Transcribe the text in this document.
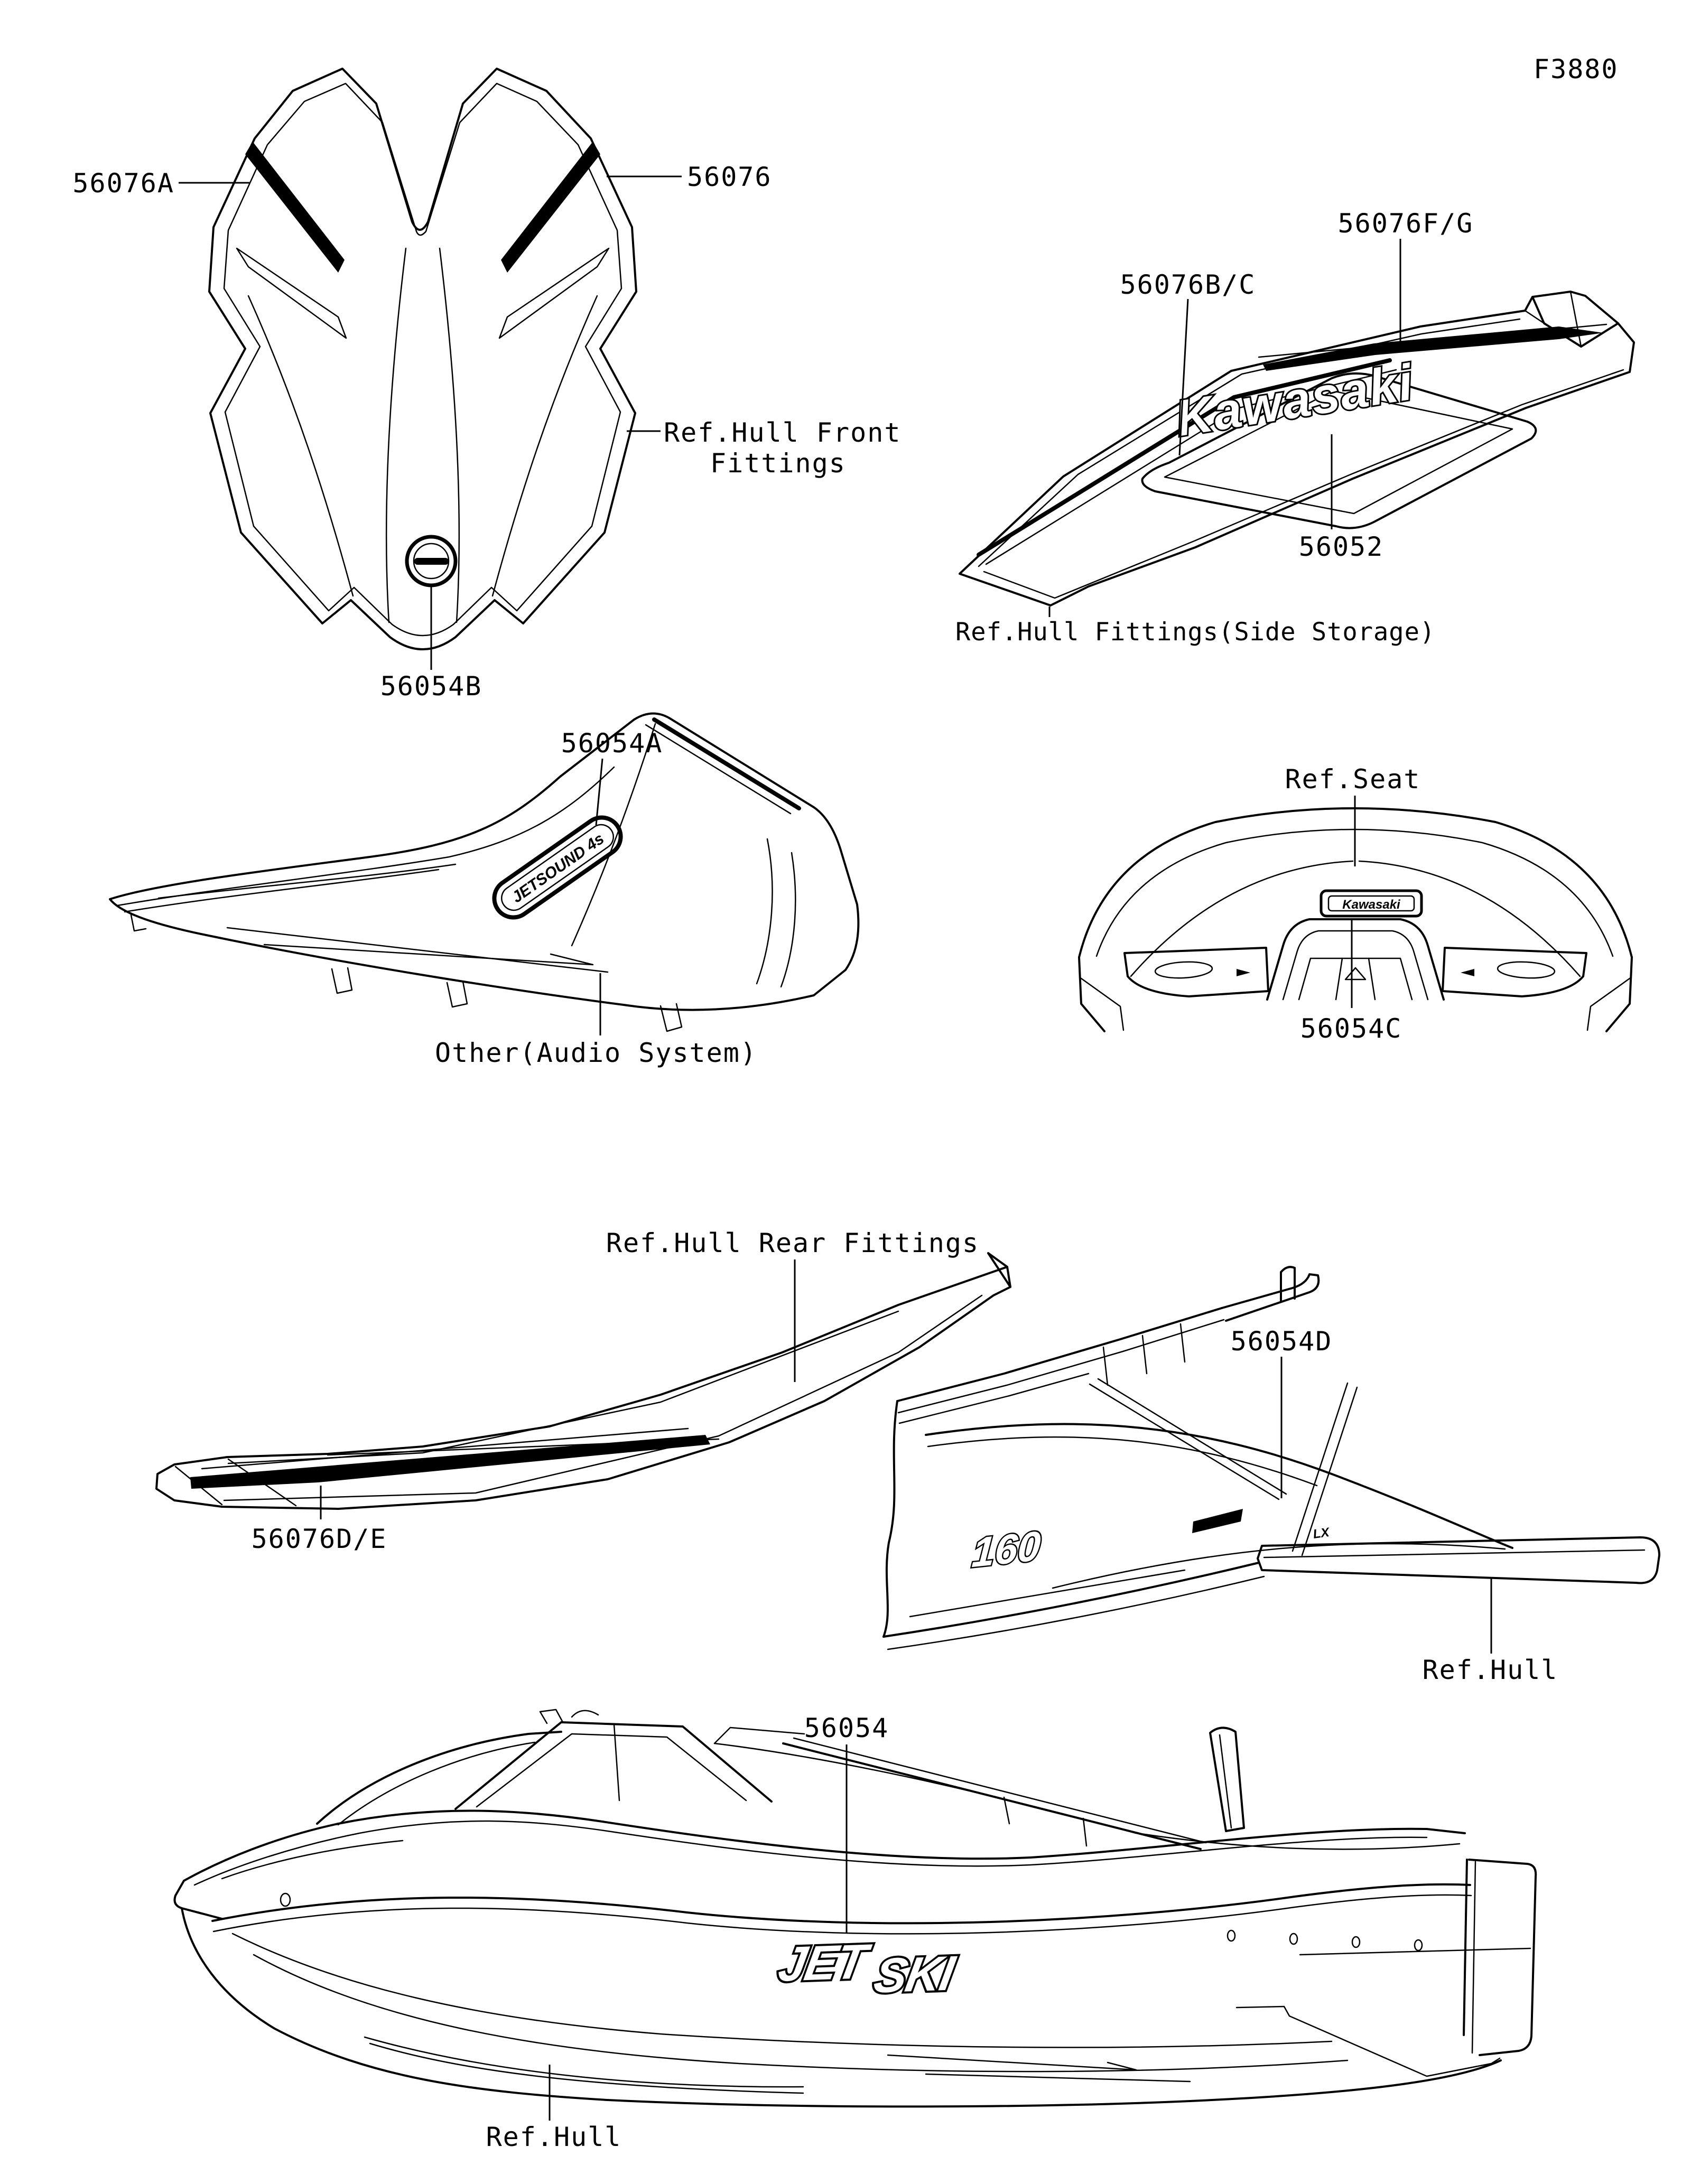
F3880
56076A	56076
Ref.Hull Front
Fittings
56054B
Kawasaki
56076B/C
56076F/G
56052
Ref.Hull Fittings(Side Storage)
JETSOUND 4s
56054A
Other(Audio System)
Kawasaki
Ref.Seat
56054C
Ref.Hull Rear Fittings
56076D/E
ULTRA
160	LX
56054D
Ref.Hull
JET SKI
56054
Ref.Hull
